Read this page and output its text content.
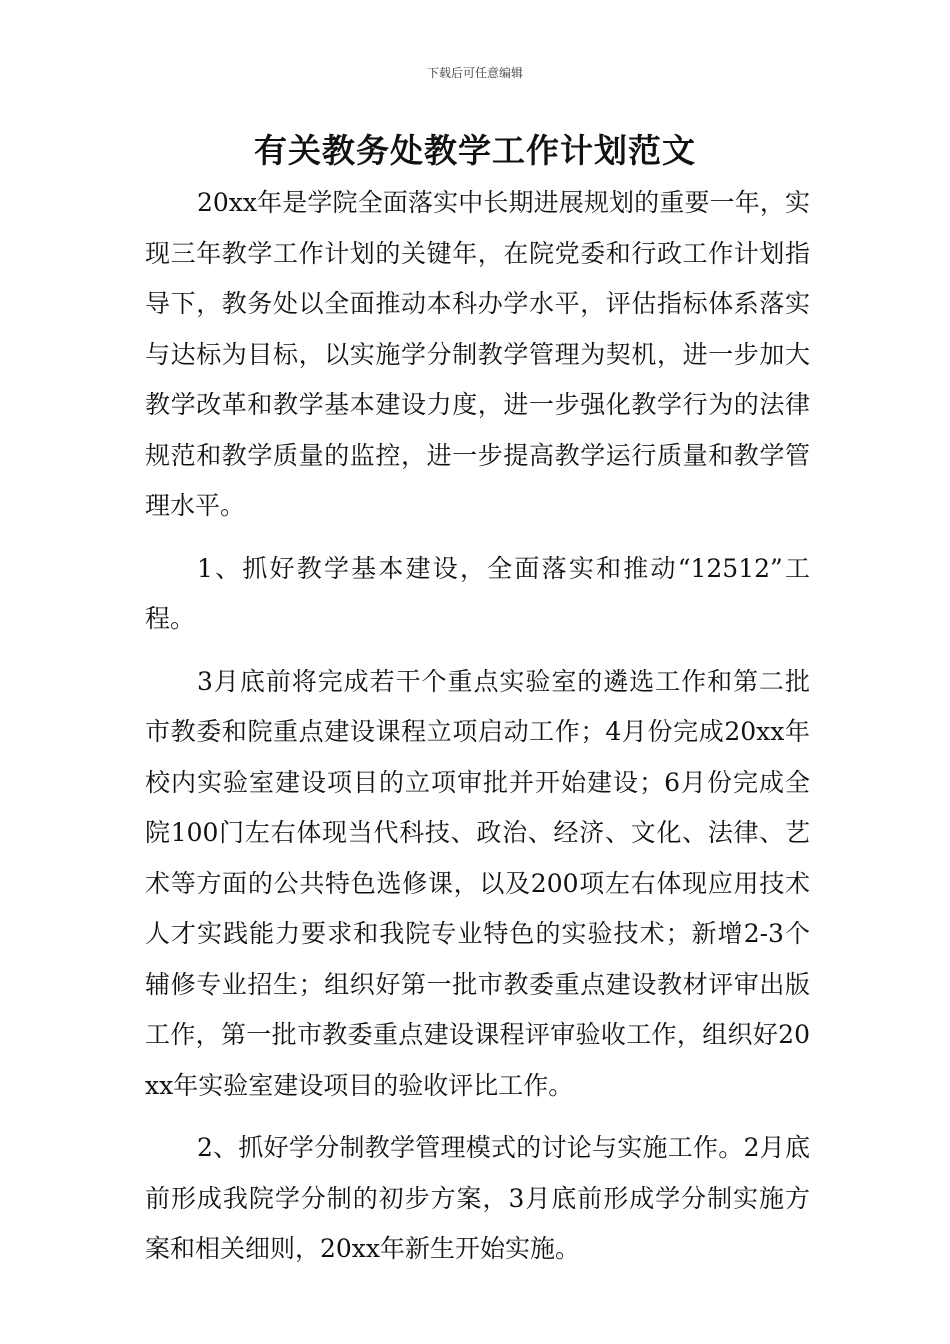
下载后可任意编辑
有关教务处教学工作计划范文

20xx年是学院全面落实中长期进展规划的重要一年，实现三年教学工作计划的关键年，在院党委和行政工作计划指导下，教务处以全面推动本科办学水平，评估指标体系落实与达标为目标，以实施学分制教学管理为契机，进一步加大教学改革和教学基本建设力度，进一步强化教学行为的法律规范和教学质量的监控，进一步提高教学运行质量和教学管理水平。

1、抓好教学基本建设，全面落实和推动“12512”工程。

3月底前将完成若干个重点实验室的遴选工作和第二批市教委和院重点建设课程立项启动工作；4月份完成20xx年校内实验室建设项目的立项审批并开始建设；6月份完成全院100门左右体现当代科技、政治、经济、文化、法律、艺术等方面的公共特色选修课，以及200项左右体现应用技术人才实践能力要求和我院专业特色的实验技术；新增2-3个辅修专业招生；组织好第一批市教委重点建设教材评审出版工作，第一批市教委重点建设课程评审验收工作，组织好20xx年实验室建设项目的验收评比工作。

2、抓好学分制教学管理模式的讨论与实施工作。2月底前形成我院学分制的初步方案，3月底前形成学分制实施方案和相关细则，20xx年新生开始实施。
